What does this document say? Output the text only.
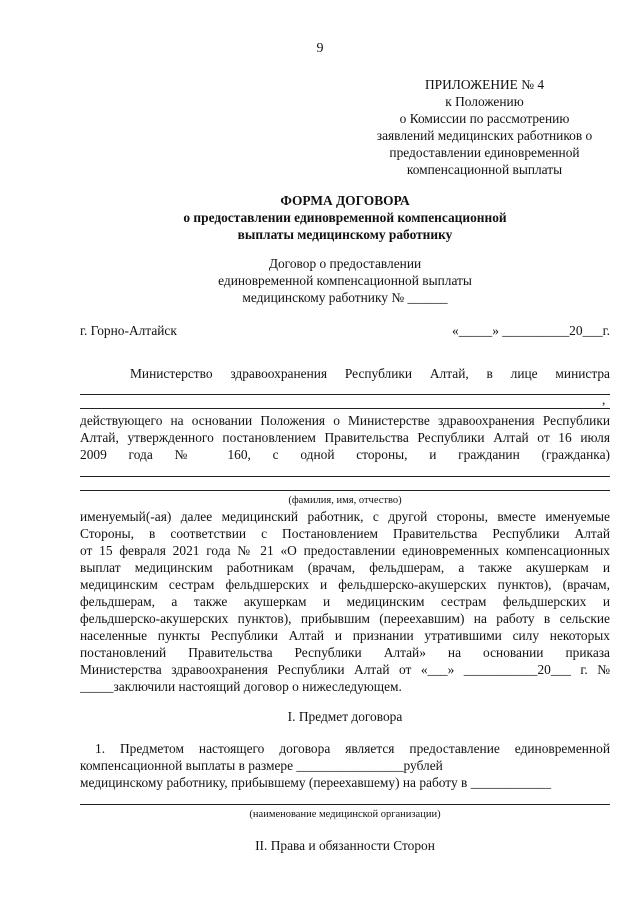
9
ПРИЛОЖЕНИЕ № 4
к Положению
о Комиссии по рассмотрению
заявлений медицинских работников о
предоставлении единовременной
компенсационной выплаты
ФОРМА ДОГОВОРА
о предоставлении единовременной компенсационной
выплаты медицинскому работнику
Договор о предоставлении
единовременной компенсационной выплаты
медицинскому работнику № ______
г. Горно-Алтайск	«_____» __________20___г.
Министерство здравоохранения Республики Алтай, в лице министра
,
действующего на основании Положения о Министерстве здравоохранения Республики
Алтай, утвержденного постановлением Правительства Республики Алтай от 16 июля
2009 года № 160, с одной стороны, и гражданин (гражданка)
(фамилия, имя, отчество)
именуемый(-ая) далее медицинский работник, с другой стороны, вместе именуемые
Стороны, в соответствии с Постановлением Правительства Республики Алтай
от 15 февраля 2021 года № 21 «О предоставлении единовременных компенсационных
выплат медицинским работникам (врачам, фельдшерам, а также акушеркам и
медицинским сестрам фельдшерских и фельдшерско-акушерских пунктов), (врачам,
фельдшерам, а также акушеркам и медицинским сестрам фельдшерских и
фельдшерско-акушерских пунктов), прибывшим (переехавшим) на работу в сельские
населенные пункты Республики Алтай и признании утратившими силу некоторых
постановлений Правительства Республики Алтай» на основании приказа
Министерства здравоохранения Республики Алтай от «___» ___________20___ г. №
_____заключили настоящий договор о нижеследующем.
I. Предмет договора
1. Предметом настоящего договора является предоставление единовременной
компенсационной выплаты в размере ________________рублей
медицинскому работнику, прибывшему (переехавшему) на работу в ____________
(наименование медицинской организации)
II. Права и обязанности Сторон
